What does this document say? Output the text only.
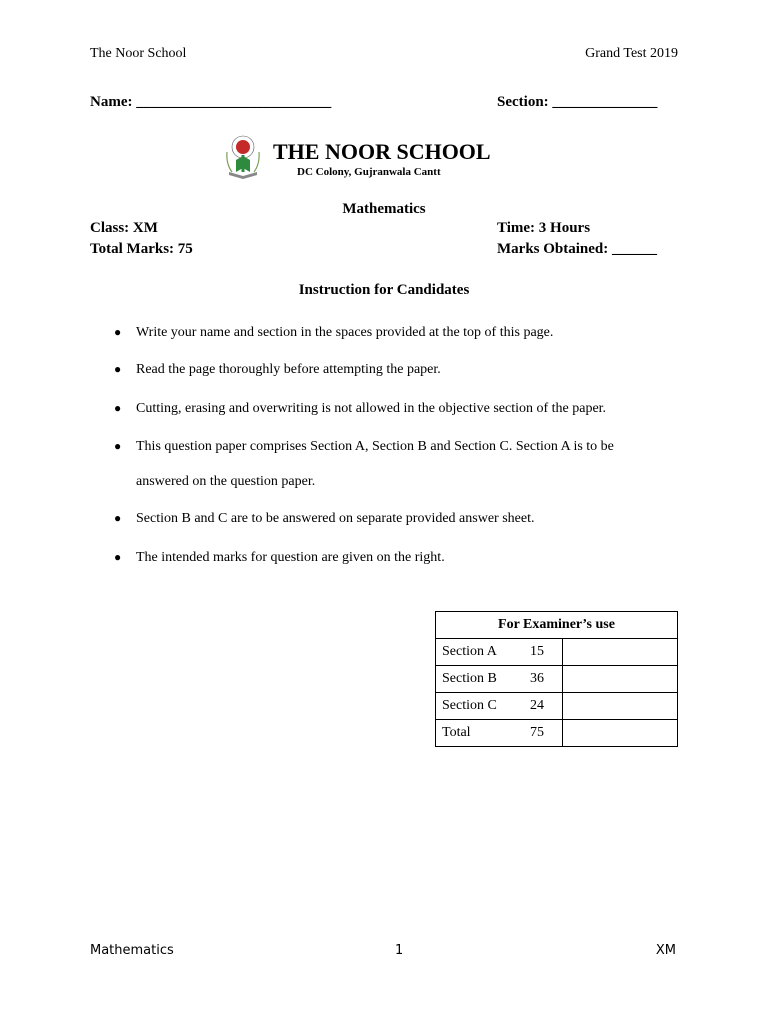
The Noor School	Grand Test 2019
Name: __________________________	Section: ______________
THE NOOR SCHOOL
DC Colony, Gujranwala Cantt
Mathematics
Class: XM	Time: 3 Hours
Total Marks: 75	Marks Obtained: ______
Instruction for Candidates
● Write your name and section in the spaces provided at the top of this page.
● Read the page thoroughly before attempting the paper.
● Cutting, erasing and overwriting is not allowed in the objective section of the paper.
● This question paper comprises Section A, Section B and Section C. Section A is to be
answered on the question paper.
● Section B and C are to be answered on separate provided answer sheet.
● The intended marks for question are given on the right.
For Examiner’s use		
Section A	15	
Section B	36	
Section C	24	
Total	75	
Mathematics	1	XM
